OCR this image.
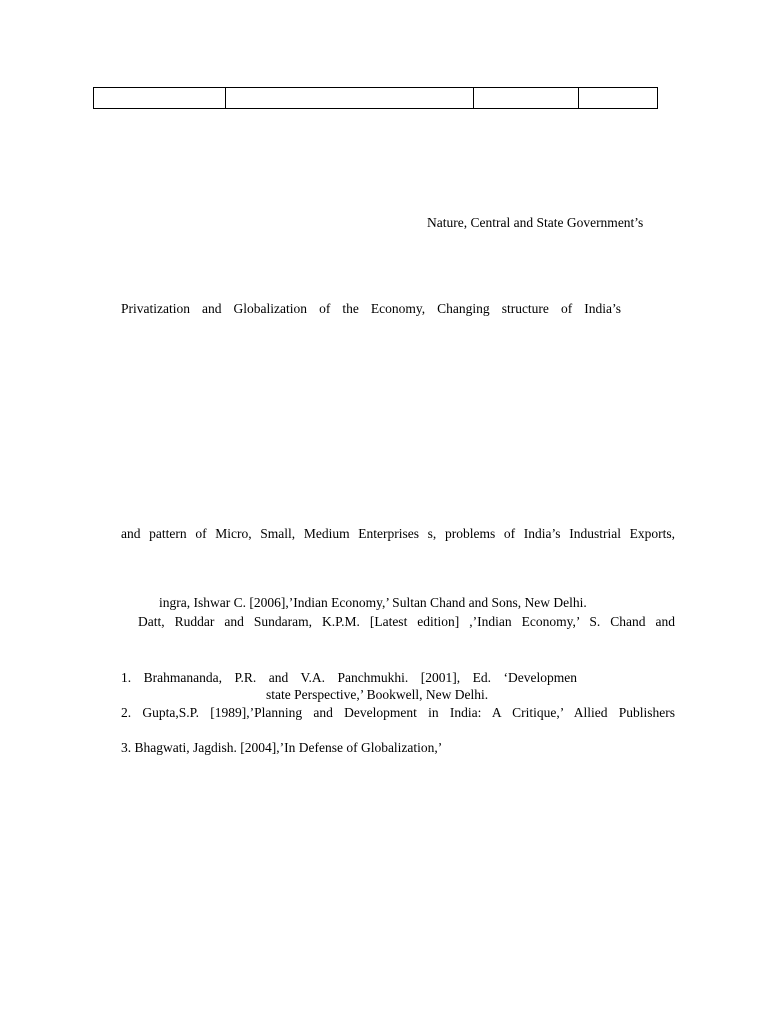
Nature, Central and State Government’s
Privatization and Globalization of the Economy, Changing structure of India’s
and pattern of Micro, Small, Medium Enterprises s, problems of India’s Industrial Exports,
ingra, Ishwar C. [2006],’Indian Economy,’ Sultan Chand and Sons, New Delhi.
Datt, Ruddar and Sundaram, K.P.M. [Latest edition] ,’Indian Economy,’ S. Chand and
1. Brahmananda, P.R. and V.A. Panchmukhi. [2001], Ed. ‘Developmen
state Perspective,’ Bookwell, New Delhi.
2. Gupta,S.P. [1989],’Planning and Development in India: A Critique,’ Allied Publishers
3. Bhagwati, Jagdish. [2004],’In Defense of Globalization,’
